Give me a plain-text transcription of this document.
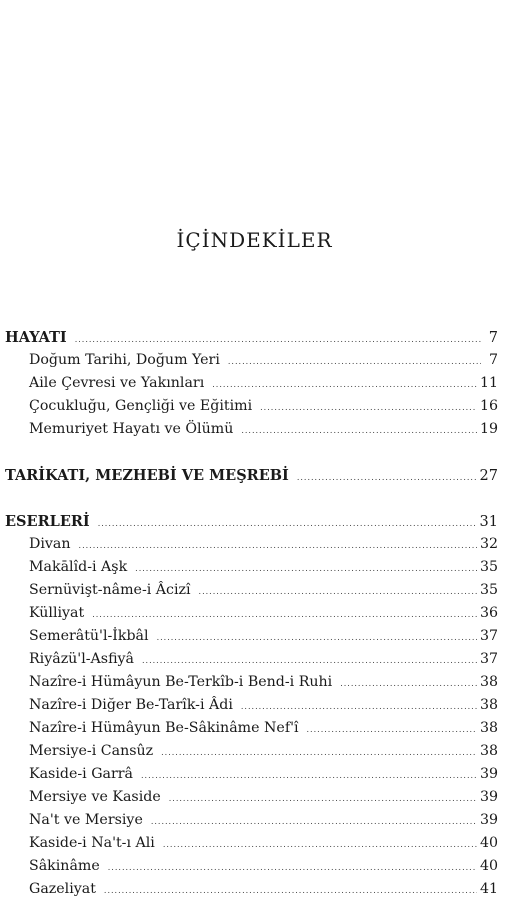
İÇİNDEKİLER
HAYATI .....	7
Doğum Tarihi, Doğum Yeri .....	7
Aile Çevresi ve Yakınları .....	11
Çocukluğu, Gençliği ve Eğitimi .....	16
Memuriyet Hayatı ve Ölümü .....	19
TARİKATI, MEZHEBİ VE MEŞREBİ .....	27
ESERLERİ .....	31
Divan .....	32
Makālîd-i Aşk .....	35
Sernüvişt-nâme-i Âcizî .....	35
Külliyat .....	36
Semerâtü'l-İkbâl .....	37
Riyâzü'l-Asfiyâ .....	37
Nazîre-i Hümâyun Be-Terkîb-i Bend-i Ruhi .....	38
Nazîre-i Diğer Be-Tarîk-i Âdi .....	38
Nazîre-i Hümâyun Be-Sâkinâme Nef'î .....	38
Mersiye-i Cansûz .....	38
Kaside-i Garrâ .....	39
Mersiye ve Kaside .....	39
Na't ve Mersiye .....	39
Kaside-i Na't-ı Ali .....	40
Sâkinâme .....	40
Gazeliyat .....	41
